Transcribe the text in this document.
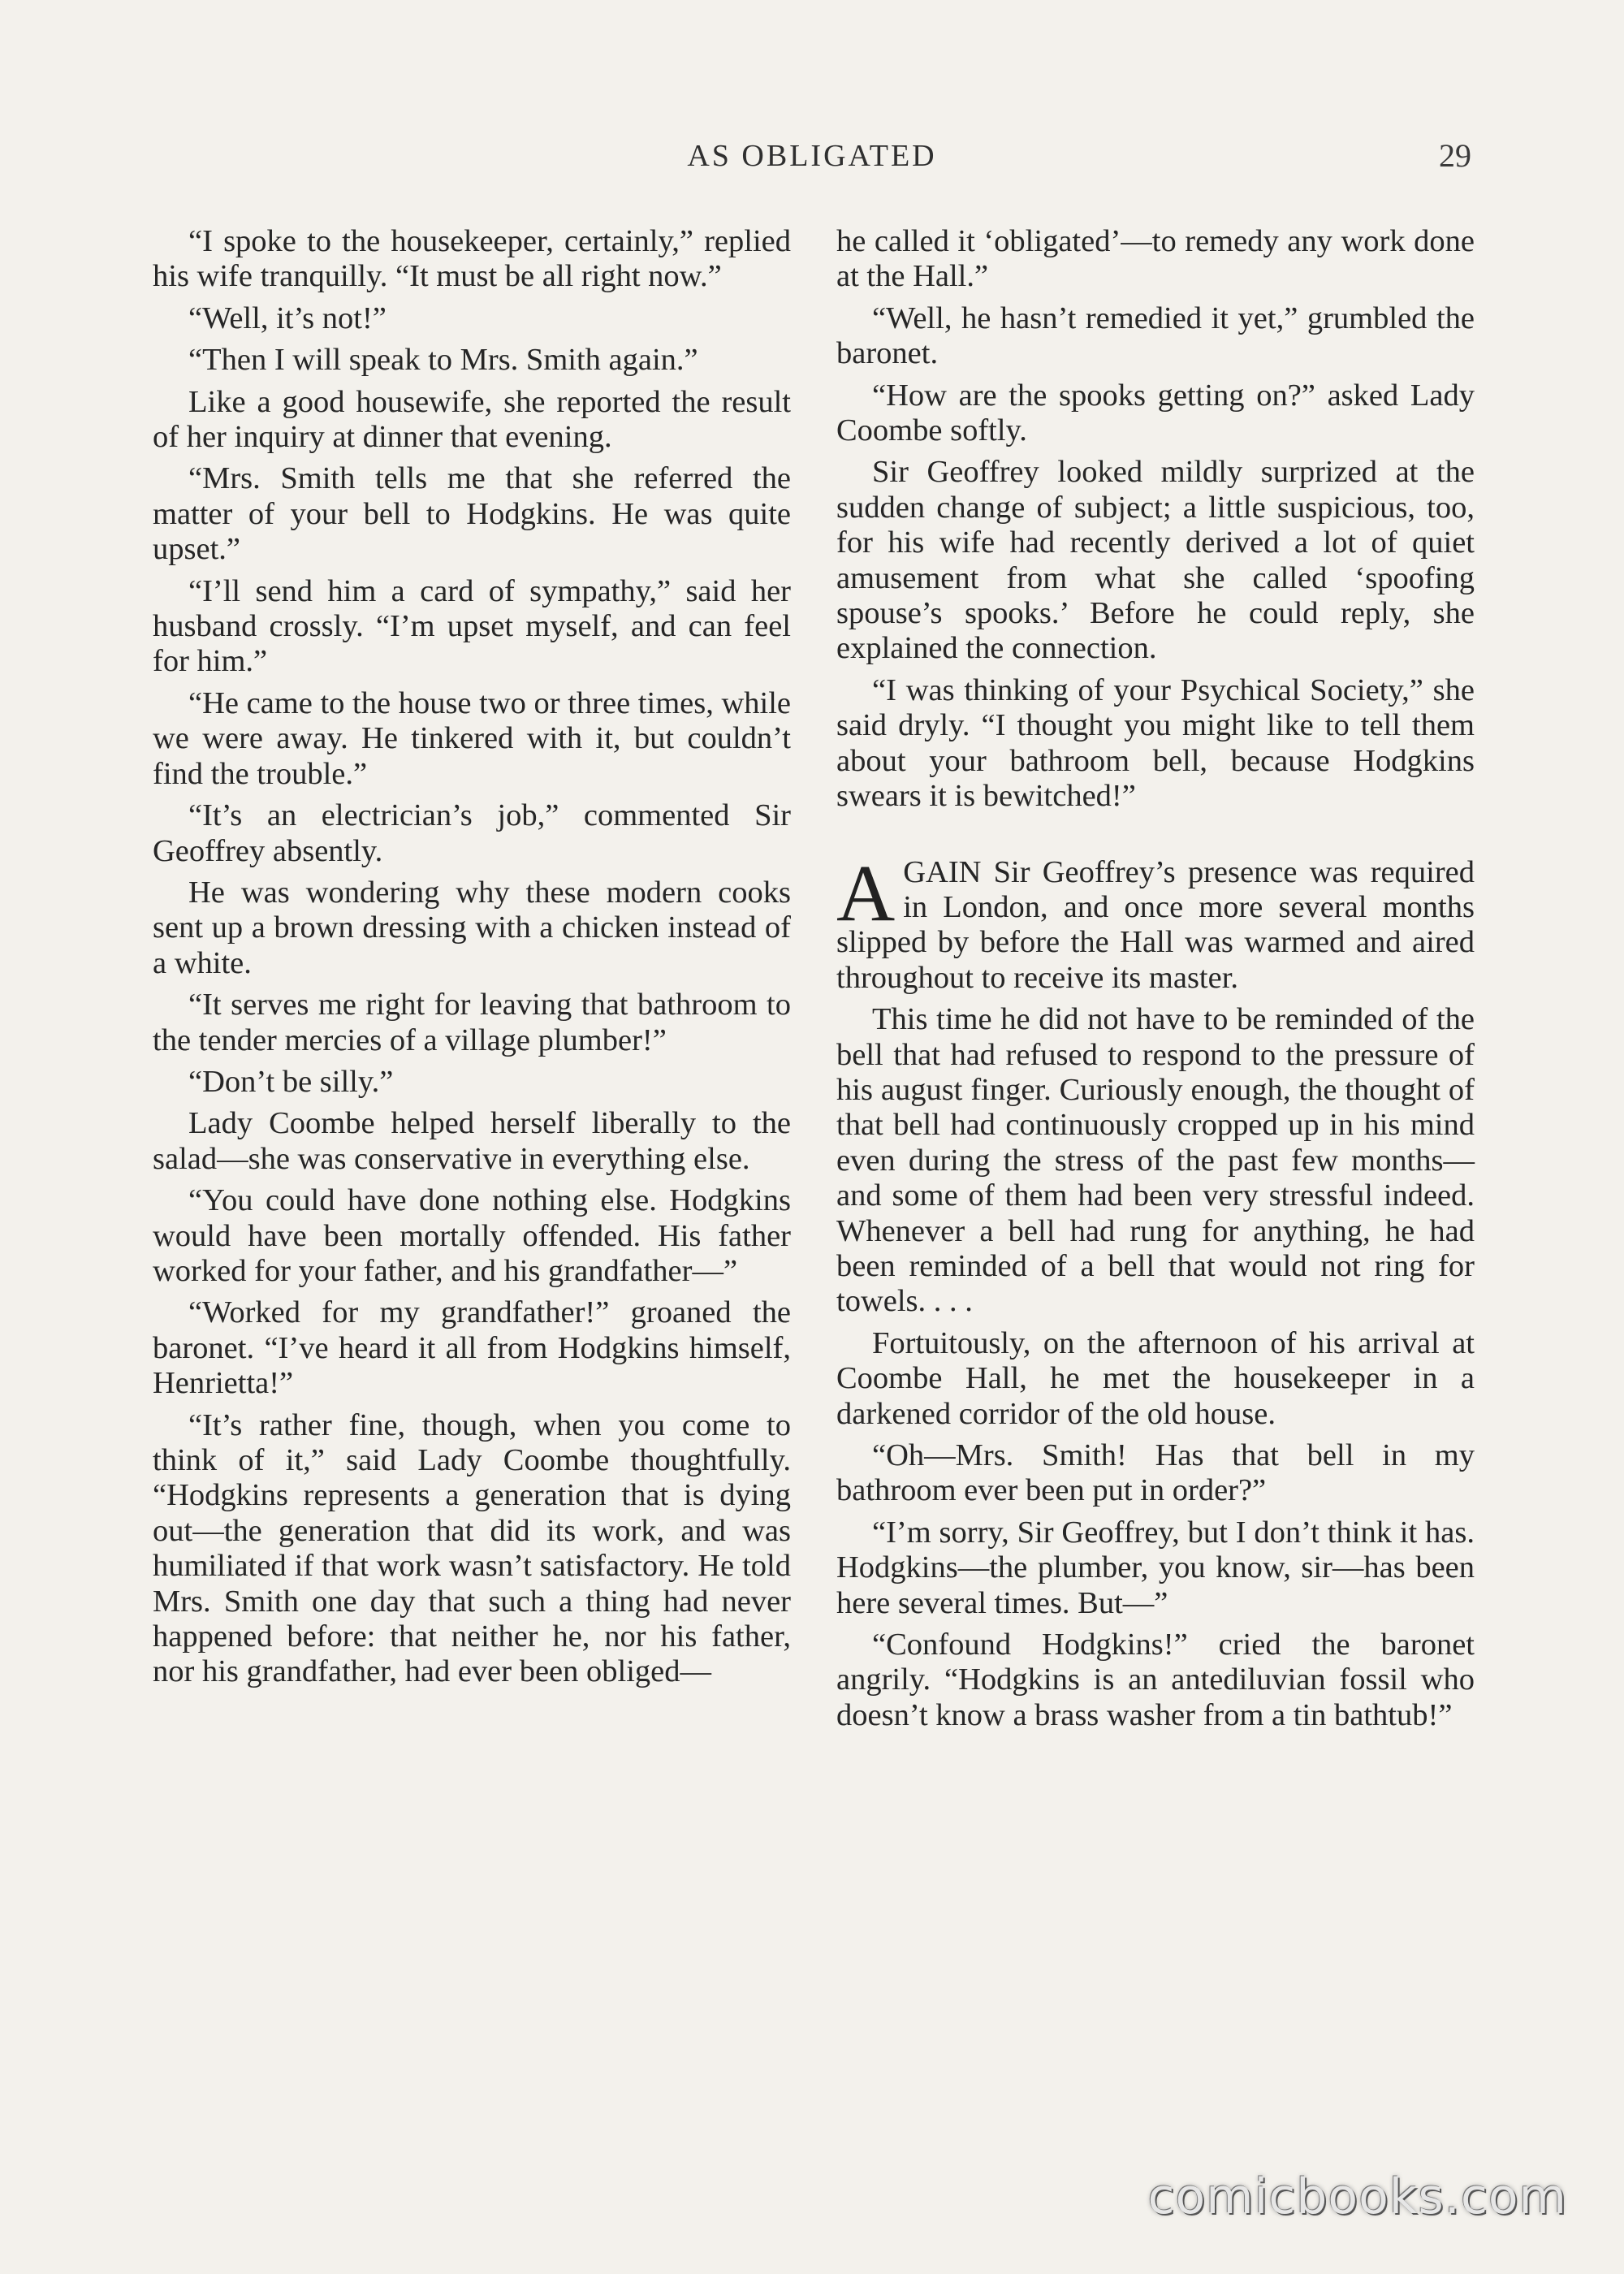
AS OBLIGATED	29

“I spoke to the housekeeper, certainly,” replied his wife tranquilly. “It must be all right now.”

“Well, it’s not!”

“Then I will speak to Mrs. Smith again.”

Like a good housewife, she reported the result of her inquiry at dinner that evening.

“Mrs. Smith tells me that she referred the matter of your bell to Hodgkins. He was quite upset.”

“I’ll send him a card of sympathy,” said her husband crossly. “I’m upset myself, and can feel for him.”

“He came to the house two or three times, while we were away. He tinkered with it, but couldn’t find the trouble.”

“It’s an electrician’s job,” commented Sir Geoffrey absently.

He was wondering why these modern cooks sent up a brown dressing with a chicken instead of a white.

“It serves me right for leaving that bathroom to the tender mercies of a village plumber!”

“Don’t be silly.”

Lady Coombe helped herself liberally to the salad—she was conservative in everything else.

“You could have done nothing else. Hodgkins would have been mortally offended. His father worked for your father, and his grandfather—”

“Worked for my grandfather!” groaned the baronet. “I’ve heard it all from Hodgkins himself, Henrietta!”

“It’s rather fine, though, when you come to think of it,” said Lady Coombe thoughtfully. “Hodgkins represents a generation that is dying out—the generation that did its work, and was humiliated if that work wasn’t satisfactory. He told Mrs. Smith one day that such a thing had never happened before: that neither he, nor his father, nor his grandfather, had ever been obliged—

he called it ‘obligated’—to remedy any work done at the Hall.”

“Well, he hasn’t remedied it yet,” grumbled the baronet.

“How are the spooks getting on?” asked Lady Coombe softly.

Sir Geoffrey looked mildly surprized at the sudden change of subject; a little suspicious, too, for his wife had recently derived a lot of quiet amusement from what she called ‘spoofing spouse’s spooks.’ Before he could reply, she explained the connection.

“I was thinking of your Psychical Society,” she said dryly. “I thought you might like to tell them about your bathroom bell, because Hodgkins swears it is bewitched!”

AGAIN Sir Geoffrey’s presence was required in London, and once more several months slipped by before the Hall was warmed and aired throughout to receive its master.

This time he did not have to be reminded of the bell that had refused to respond to the pressure of his august finger. Curiously enough, the thought of that bell had continuously cropped up in his mind even during the stress of the past few months—and some of them had been very stressful indeed. Whenever a bell had rung for anything, he had been reminded of a bell that would not ring for towels. . . .

Fortuitously, on the afternoon of his arrival at Coombe Hall, he met the housekeeper in a darkened corridor of the old house.

“Oh—Mrs. Smith! Has that bell in my bathroom ever been put in order?”

“I’m sorry, Sir Geoffrey, but I don’t think it has. Hodgkins—the plumber, you know, sir—has been here several times. But—”

“Confound Hodgkins!” cried the baronet angrily. “Hodgkins is an antediluvian fossil who doesn’t know a brass washer from a tin bathtub!”

comicbooks.com
